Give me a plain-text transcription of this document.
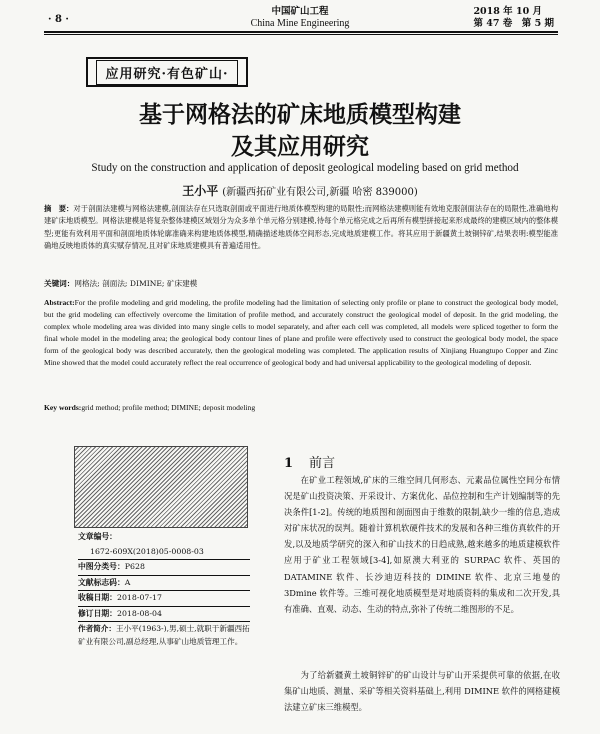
· 8 ·
中国矿山工程
China Mine Engineering
2018 年 10 月
第 47 卷　第 5 期
应用研究·有色矿山·
基于网格法的矿床地质模型构建
及其应用研究
Study on the construction and application of deposit geological modeling based on grid method
王小平 (新疆西拓矿业有限公司,新疆 哈密 839000)
摘　要：对于剖面法建模与网格法建模,剖面法存在只选取剖面或平面进行地质体模型构建的局限性;而网格法建模则能有效地克服剖面法存在的局限性,准确地构建矿床地质模型。网格法建模是将复杂整体建模区域划分为众多单个单元格分别建模,待每个单元格完成之后再所有模型拼接起来形成最终的建模区域内的整体模型;更能有效利用平面和剖面地质体轮廓准确来构建地质体模型,精确描述地质体空间形态,完成地质建模工作。将其应用于新疆黄土坡铜锌矿,结果表明:模型能准确地反映地质体的真实赋存情况,且对矿床地质建模具有普遍适用性。
关键词：网格法; 剖面法; DIMINE; 矿床建模
Abstract:For the profile modeling and grid modeling, the profile modeling had the limitation of selecting only profile or plane to construct the geological body model, but the grid modeling can effectively overcome the limitation of profile method, and accurately construct the geological model of deposit. In the grid modeling, the complex whole modeling area was divided into many single cells to model separately, and after each cell was completed, all models were spliced together to form the final whole model in the modeling area; the geological body contour lines of plane and profile were effectively used to construct the geological body model, the space form of the geological body was described accurately, then the geological modeling was completed. The application results of Xinjiang Huangtupo Copper and Zinc Mine showed that the model could accurately reflect the real occurrence of geological body and had universal applicability to the geological modeling of deposit.
Key words:grid method; profile method; DIMINE; deposit modeling
文章编号：
1672-609X(2018)05-0008-03
中图分类号：P628
文献标志码：A
收稿日期：2018-07-17
修订日期：2018-08-04
作者简介：王小平(1963-),男,硕士,就职于新疆西拓矿业有限公司,副总经理,从事矿山地质管理工作。
1 前言
在矿业工程领域,矿床的三维空间几何形态、元素品位属性空间分布情况是矿山投资决策、开采设计、方案优化、品位控制和生产计划编制等的先决条件[1-2]。传统的地质图和剖面图由于维数的限制,缺少一维的信息,造成对矿床状况的误判。随着计算机软硬件技术的发展和各种三维仿真软件的开发,以及地质学研究的深入和矿山技术的日趋成熟,越来越多的地质建模软件应用于矿业工程领域[3-4],如原澳大利亚的 SURPAC 软件、英国的 DATAMINE 软件、长沙迪迈科技的 DIMINE 软件、北京三地曼的 3Dmine 软件等。三维可视化地质模型是对地质资料的集成和二次开发,具有准确、直观、动态、生动的特点,弥补了传统二维图形的不足。
为了给新疆黄土坡铜锌矿的矿山设计与矿山开采提供可靠的依据,在收集矿山地质、测量、采矿等相关资料基础上,利用 DIMINE 软件的网格建模法建立矿床三维模型。
